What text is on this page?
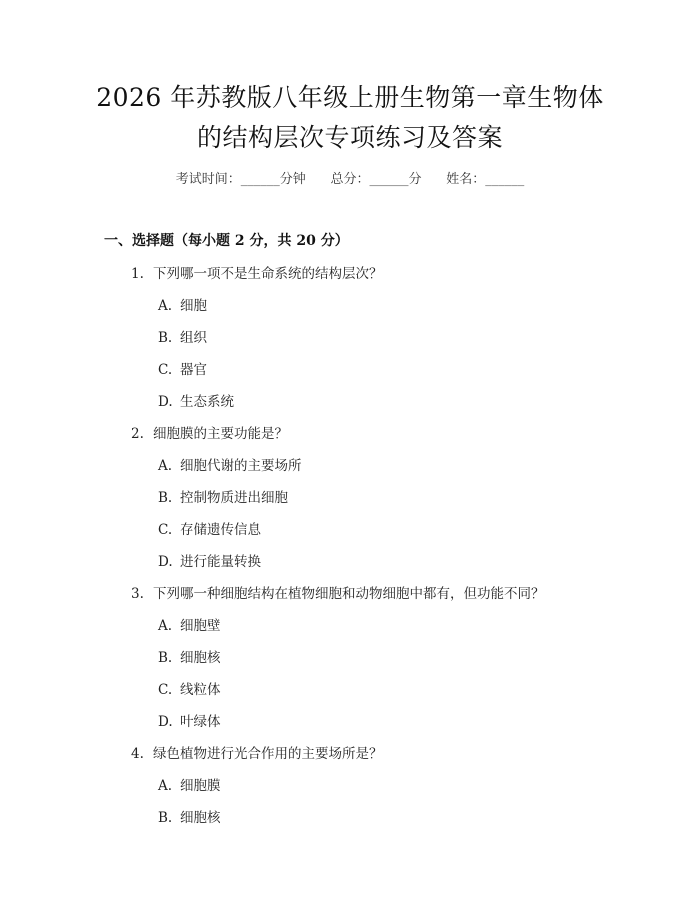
2026 年苏教版八年级上册生物第一章生物体
的结构层次专项练习及答案
考试时间：______分钟      总分：______分      姓名：______
一、选择题（每小题 2 分，共 20 分）
1. 下列哪一项不是生命系统的结构层次？
A. 细胞
B. 组织
C. 器官
D. 生态系统
2. 细胞膜的主要功能是？
A. 细胞代谢的主要场所
B. 控制物质进出细胞
C. 存储遗传信息
D. 进行能量转换
3. 下列哪一种细胞结构在植物细胞和动物细胞中都有，但功能不同？
A. 细胞壁
B. 细胞核
C. 线粒体
D. 叶绿体
4. 绿色植物进行光合作用的主要场所是？
A. 细胞膜
B. 细胞核
